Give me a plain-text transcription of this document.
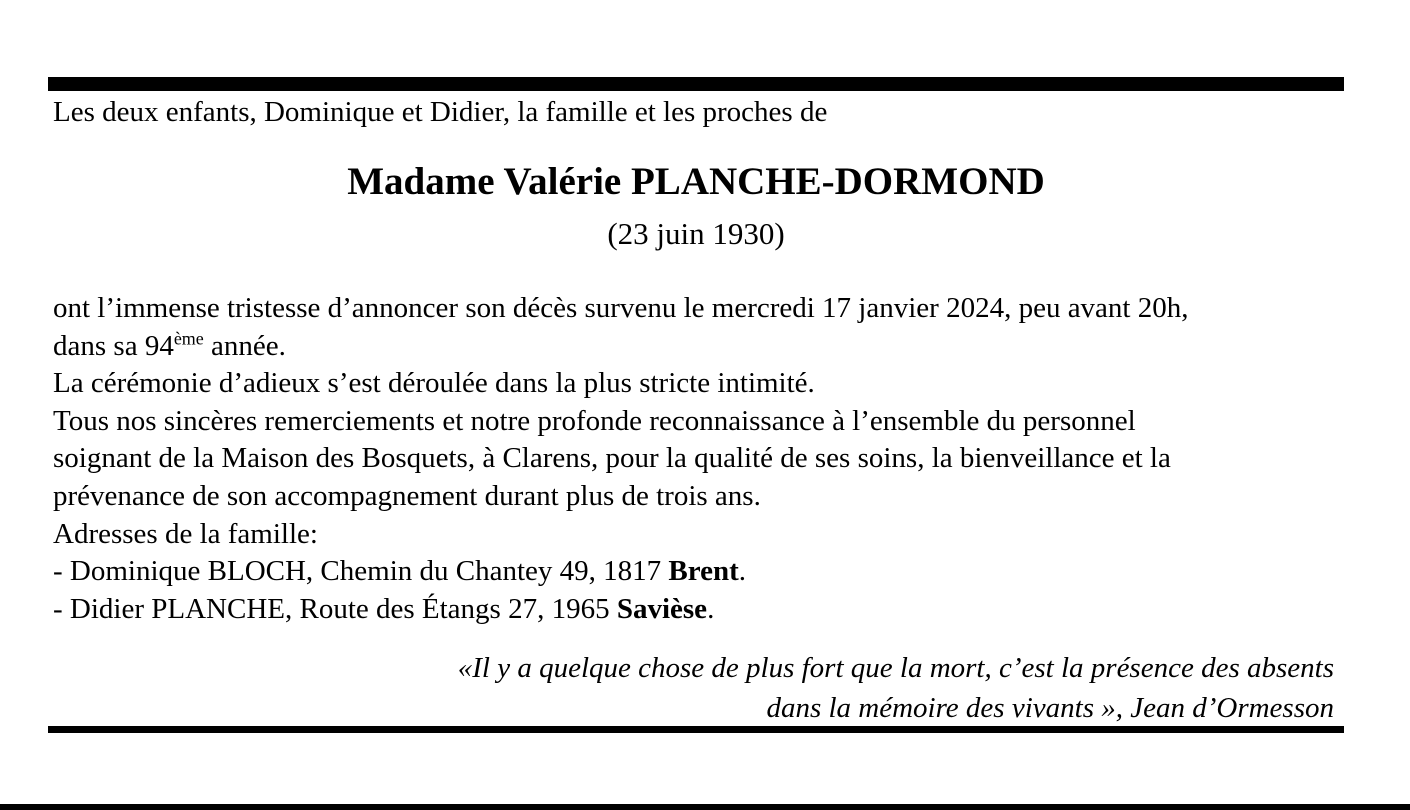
Les deux enfants, Dominique et Didier, la famille et les proches de

Madame Valérie PLANCHE-DORMOND

(23 juin 1930)

ont l’immense tristesse d’annoncer son décès survenu le mercredi 17 janvier 2024, peu avant 20h,

dans sa 94ème année.

La cérémonie d’adieux s’est déroulée dans la plus stricte intimité.

Tous nos sincères remerciements et notre profonde reconnaissance à l’ensemble du personnel

soignant de la Maison des Bosquets, à Clarens, pour la qualité de ses soins, la bienveillance et la

prévenance de son accompagnement durant plus de trois ans.

Adresses de la famille:

- Dominique BLOCH, Chemin du Chantey 49, 1817 Brent.

- Didier PLANCHE, Route des Étangs 27, 1965 Savièse.

«Il y a quelque chose de plus fort que la mort, c’est la présence des absents

dans la mémoire des vivants », Jean d’Ormesson
